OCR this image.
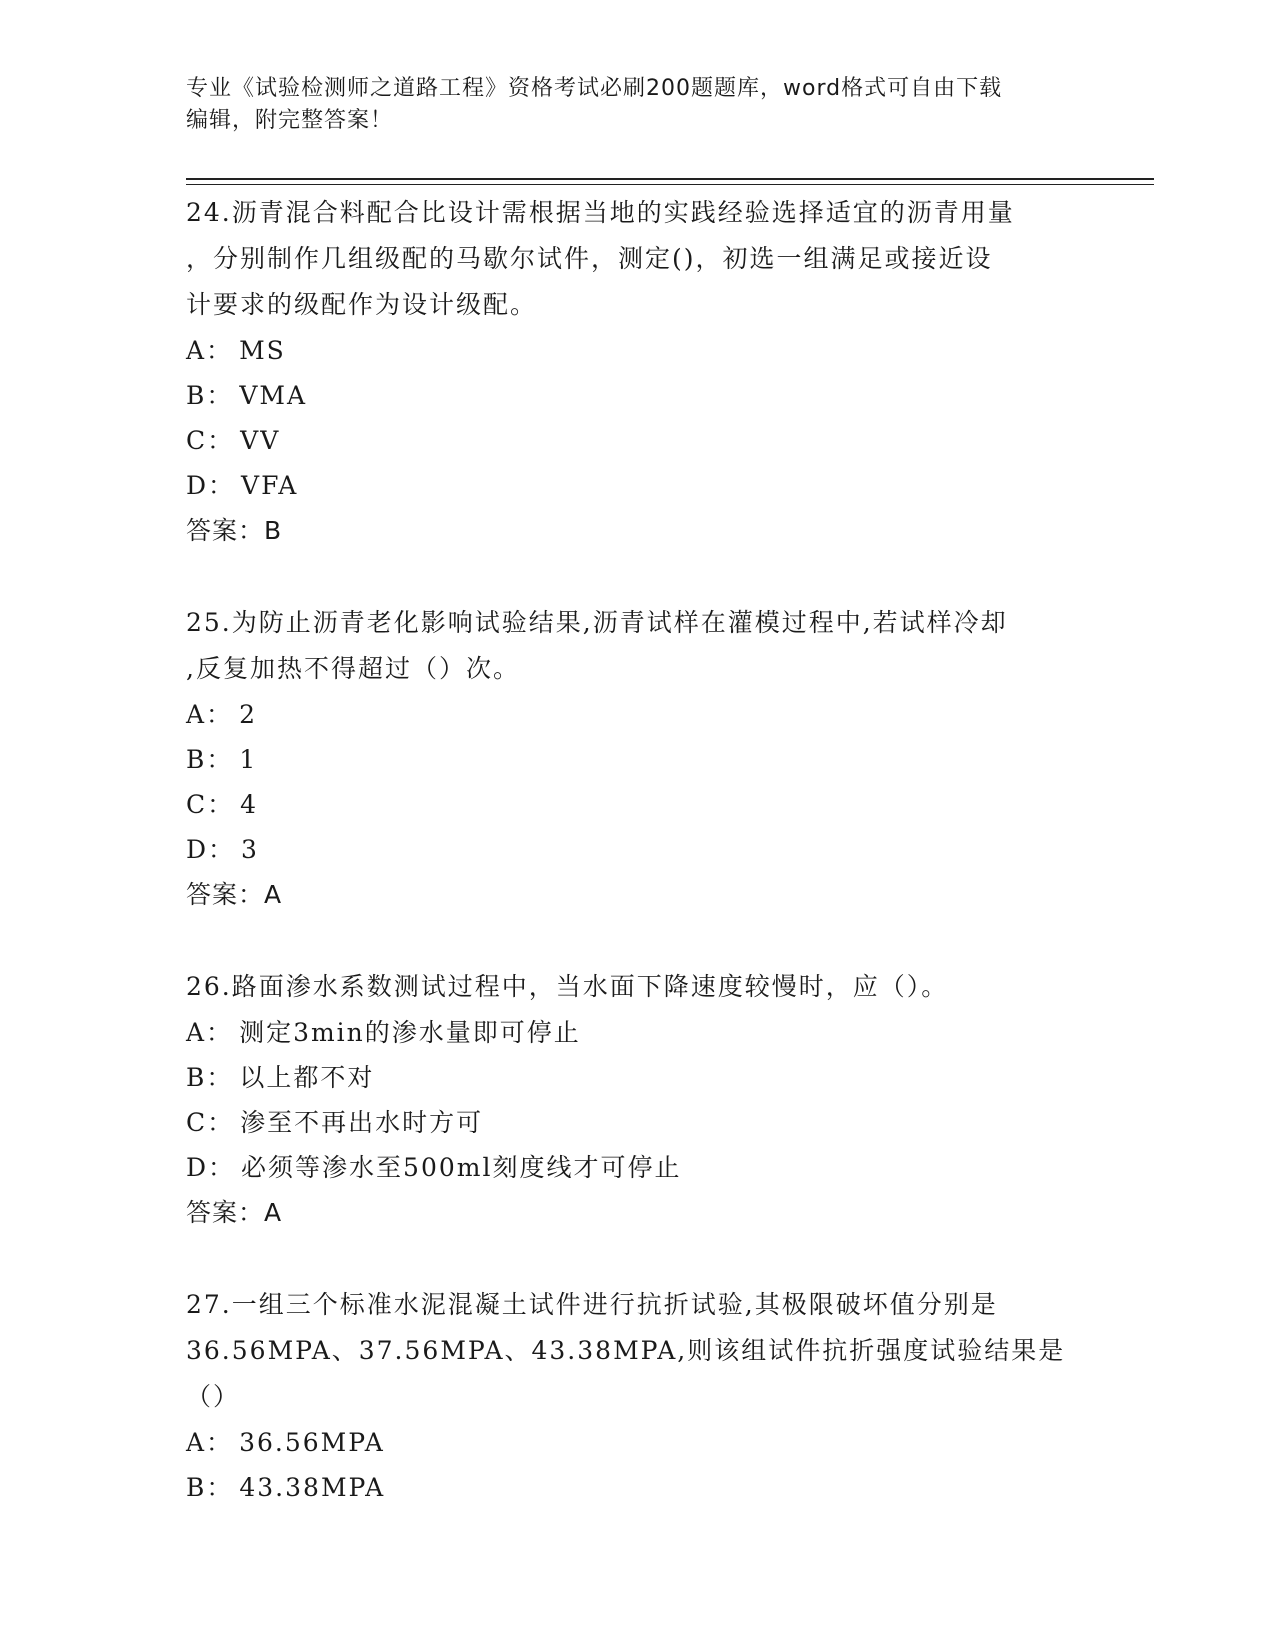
专业《试验检测师之道路工程》资格考试必刷200题题库，word格式可自由下载
编辑，附完整答案！

24.沥青混合料配合比设计需根据当地的实践经验选择适宜的沥青用量

，分别制作几组级配的马歇尔试件，测定()，初选一组满足或接近设

计要求的级配作为设计级配。

A： MS

B： VMA

C： VV

D： VFA

答案：B

25.为防止沥青老化影响试验结果,沥青试样在灌模过程中,若试样冷却

,反复加热不得超过（）次。

A： 2

B： 1

C： 4

D： 3

答案：A

26.路面渗水系数测试过程中，当水面下降速度较慢时，应（）。

A： 测定3min的渗水量即可停止

B： 以上都不对

C： 渗至不再出水时方可

D： 必须等渗水至500ml刻度线才可停止

答案：A

27.一组三个标准水泥混凝土试件进行抗折试验,其极限破坏值分别是

36.56MPA、37.56MPA、43.38MPA,则该组试件抗折强度试验结果是（）

A： 36.56MPA

B： 43.38MPA
